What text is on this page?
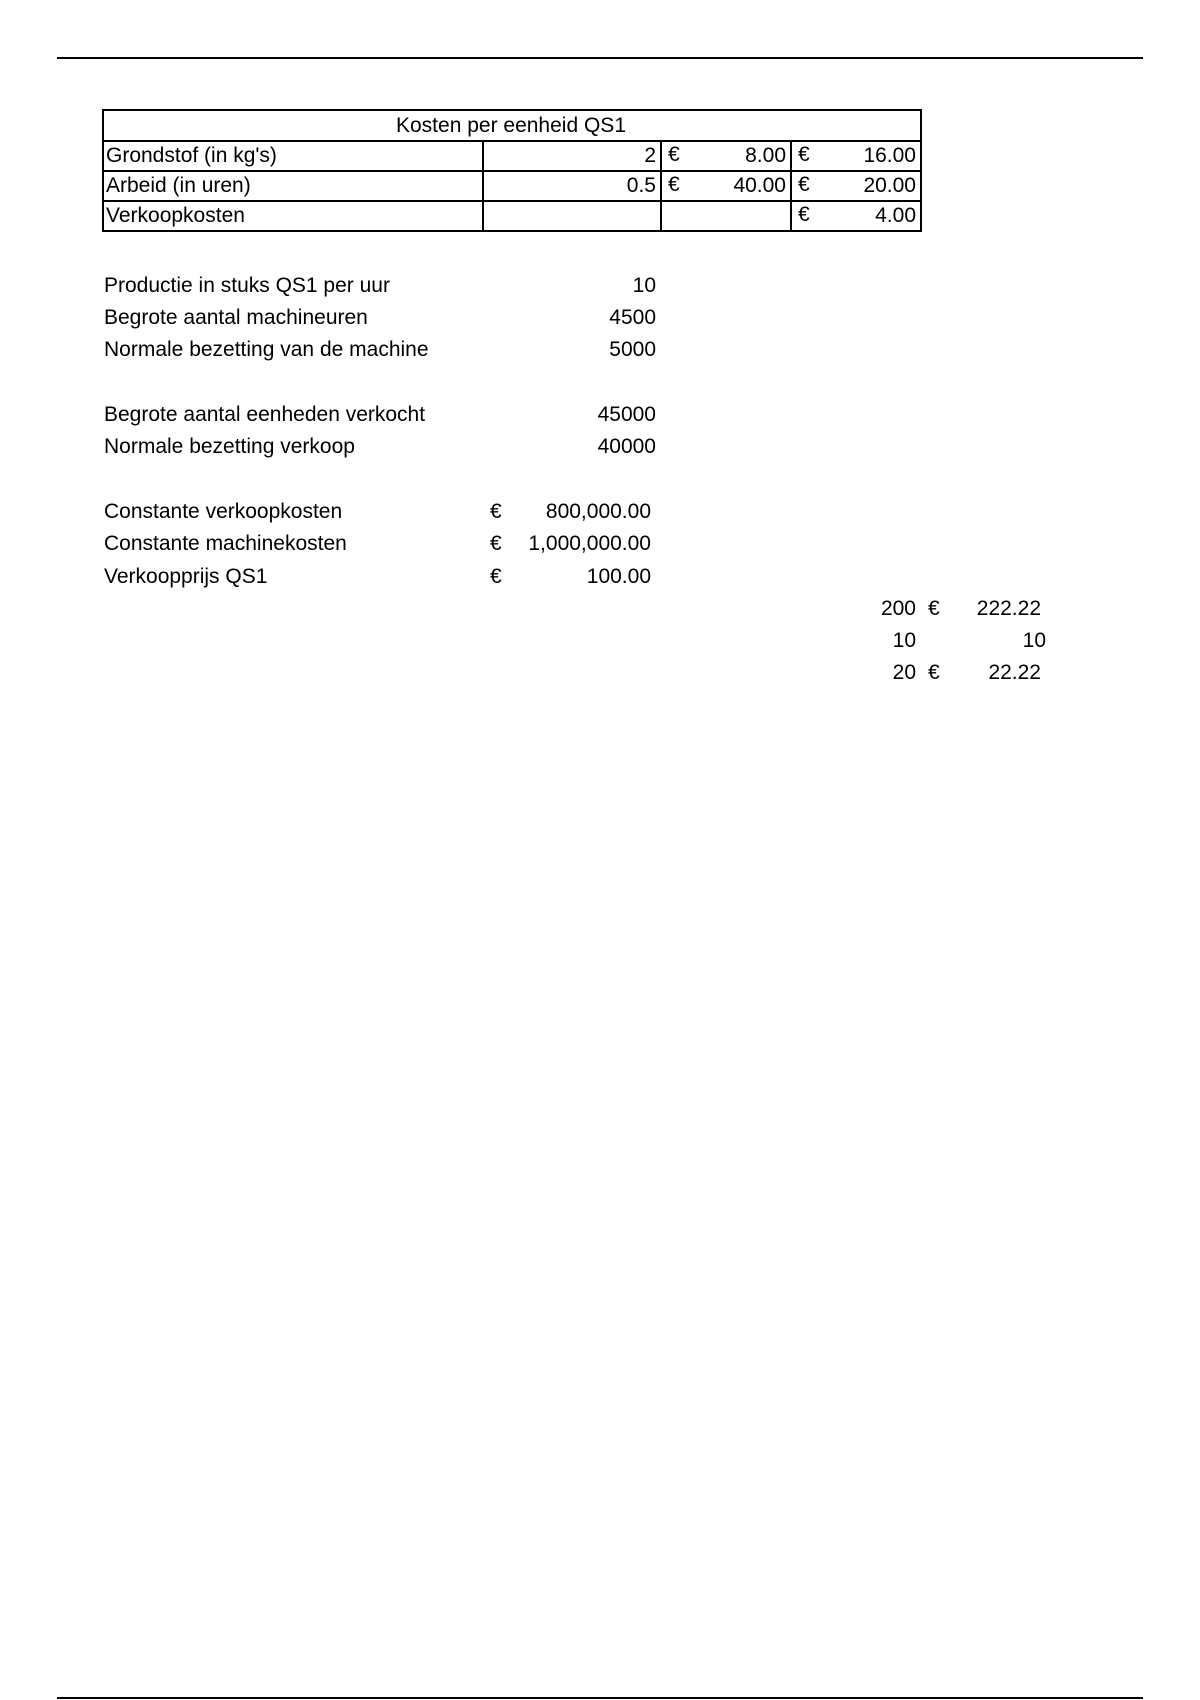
Kosten per eenheid QS1			
Grondstof (in kg's)	2	€ 8.00	€ 16.00
Arbeid (in uren)	0.5	€ 40.00	€ 20.00
Verkoopkosten			€ 4.00
Productie in stuks QS1 per uur	10
Begrote aantal machineuren	4500
Normale bezetting van de machine	5000
Begrote aantal eenheden verkocht	45000
Normale bezetting verkoop	40000
Constante verkoopkosten	€	800,000.00
Constante machinekosten	€	1,000,000.00
Verkoopprijs QS1	€	100.00
200 €	222.22
10	10
20 €	22.22
